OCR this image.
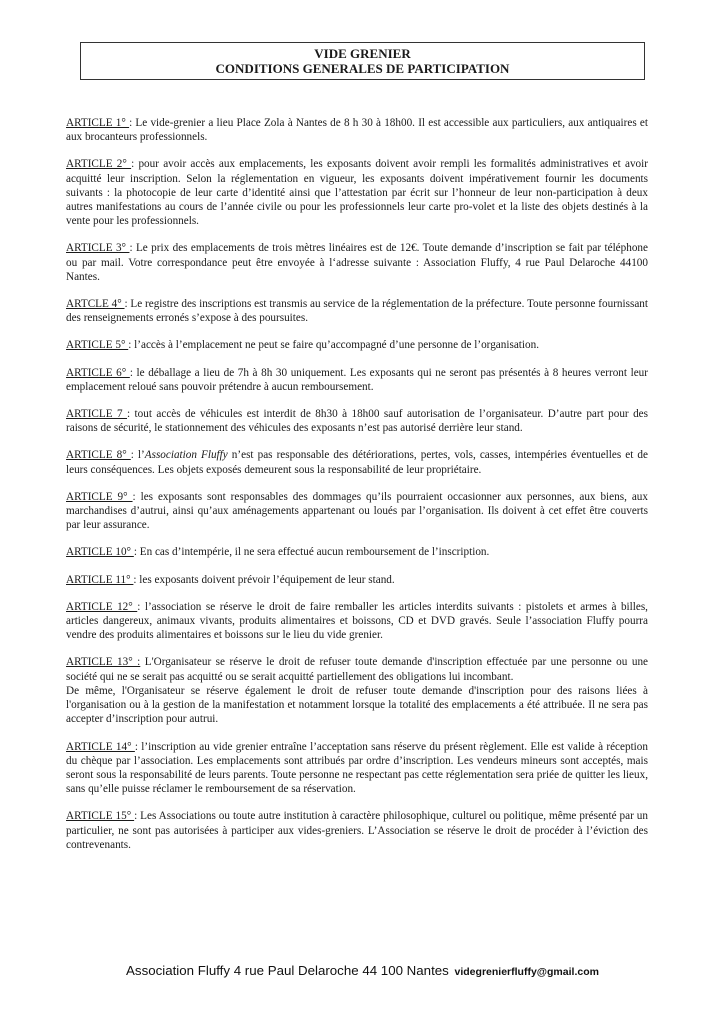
VIDE GRENIER
CONDITIONS GENERALES DE PARTICIPATION

ARTICLE 1° : Le vide-grenier a lieu Place Zola à Nantes de 8 h 30 à 18h00. Il est accessible aux particuliers, aux antiquaires et aux brocanteurs professionnels.

ARTICLE 2° : pour avoir accès aux emplacements, les exposants doivent avoir rempli les formalités administratives et avoir acquitté leur inscription. Selon la réglementation en vigueur, les exposants doivent impérativement fournir les documents suivants : la photocopie de leur carte d’identité ainsi que l’attestation par écrit sur l’honneur de leur non-participation à deux autres manifestations au cours de l’année civile ou pour les professionnels leur carte pro-volet et la liste des objets destinés à la vente pour les professionnels.

ARTICLE 3° : Le prix des emplacements de trois mètres linéaires est de 12€. Toute demande d’inscription se fait par téléphone ou par mail. Votre correspondance peut être envoyée à l‘adresse suivante : Association Fluffy, 4 rue Paul Delaroche 44100 Nantes.

ARTCLE 4° : Le registre des inscriptions est transmis au service de la réglementation de la préfecture. Toute personne fournissant des renseignements erronés s’expose à des poursuites.

ARTICLE 5° : l’accès à l’emplacement ne peut se faire qu’accompagné d’une personne de l’organisation.

ARTICLE 6° : le déballage a lieu de 7h à 8h 30 uniquement. Les exposants qui ne seront pas présentés à 8 heures verront leur emplacement reloué sans pouvoir prétendre à aucun remboursement.

ARTICLE 7 : tout accès de véhicules est interdit de 8h30 à 18h00 sauf autorisation de l’organisateur. D’autre part pour des raisons de sécurité, le stationnement des véhicules des exposants n’est pas autorisé derrière leur stand.

ARTICLE 8° : l’Association Fluffy n’est pas responsable des détériorations, pertes, vols, casses, intempéries éventuelles et de leurs conséquences. Les objets exposés demeurent sous la responsabilité de leur propriétaire.

ARTICLE 9° : les exposants sont responsables des dommages qu’ils pourraient occasionner aux personnes, aux biens, aux marchandises d’autrui, ainsi qu’aux aménagements appartenant ou loués par l’organisation. Ils doivent à cet effet être couverts par leur assurance.

ARTICLE 10° : En cas d’intempérie, il ne sera effectué aucun remboursement de l’inscription.

ARTICLE 11° : les exposants doivent prévoir l’équipement de leur stand.

ARTICLE 12° : l’association se réserve le droit de faire remballer les articles interdits suivants : pistolets et armes à billes, articles dangereux, animaux vivants, produits alimentaires et boissons, CD et DVD gravés. Seule l’association Fluffy pourra vendre des produits alimentaires et boissons sur le lieu du vide grenier.

ARTICLE 13° : L'Organisateur se réserve le droit de refuser toute demande d'inscription effectuée par une personne ou une société qui ne se serait pas acquitté ou se serait acquitté partiellement des obligations lui incombant.

De même, l'Organisateur se réserve également le droit de refuser toute demande d'inscription pour des raisons liées à l'organisation ou à la gestion de la manifestation et notamment lorsque la totalité des emplacements a été attribuée. Il ne sera pas accepter d’inscription pour autrui.

ARTICLE 14° : l’inscription au vide grenier entraîne l’acceptation sans réserve du présent règlement. Elle est valide à réception du chèque par l’association. Les emplacements sont attribués par ordre d’inscription. Les vendeurs mineurs sont acceptés, mais seront sous la responsabilité de leurs parents. Toute personne ne respectant pas cette réglementation sera priée de quitter les lieux, sans qu’elle puisse réclamer le remboursement de sa réservation.

ARTICLE 15° : Les Associations ou toute autre institution à caractère philosophique, culturel ou politique, même présenté par un particulier, ne sont pas autorisées à participer aux vides-greniers. L’Association se réserve le droit de procéder à l’éviction des contrevenants.

Association Fluffy 4 rue Paul Delaroche 44 100 Nantes videgrenierfluffy@gmail.com
